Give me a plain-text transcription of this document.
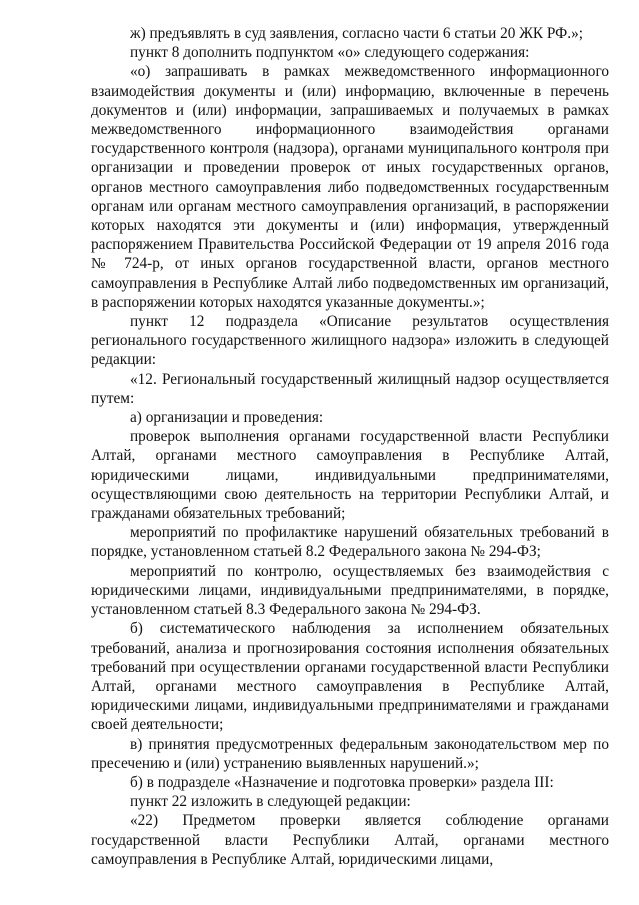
ж) предъявлять в суд заявления, согласно части 6 статьи 20 ЖК РФ.»;

пункт 8 дополнить подпунктом «о» следующего содержания:

«о) запрашивать в рамках межведомственного информационного взаимодействия документы и (или) информацию, включенные в перечень документов и (или) информации, запрашиваемых и получаемых в рамках межведомственного информационного взаимодействия органами государственного контроля (надзора), органами муниципального контроля при организации и проведении проверок от иных государственных органов, органов местного самоуправления либо подведомственных государственным органам или органам местного самоуправления организаций, в распоряжении которых находятся эти документы и (или) информация, утвержденный распоряжением Правительства Российской Федерации от 19 апреля 2016 года № 724-р, от иных органов государственной власти, органов местного самоуправления в Республике Алтай либо подведомственных им организаций, в распоряжении которых находятся указанные документы.»;

пункт 12 подраздела «Описание результатов осуществления регионального государственного жилищного надзора» изложить в следующей редакции:

«12. Региональный государственный жилищный надзор осуществляется путем:

а) организации и проведения:

проверок выполнения органами государственной власти Республики Алтай, органами местного самоуправления в Республике Алтай, юридическими лицами, индивидуальными предпринимателями, осуществляющими свою деятельность на территории Республики Алтай, и гражданами обязательных требований;

мероприятий по профилактике нарушений обязательных требований в порядке, установленном статьей 8.2 Федерального закона № 294-ФЗ;

мероприятий по контролю, осуществляемых без взаимодействия с юридическими лицами, индивидуальными предпринимателями, в порядке, установленном статьей 8.3 Федерального закона № 294-ФЗ.

б) систематического наблюдения за исполнением обязательных требований, анализа и прогнозирования состояния исполнения обязательных требований при осуществлении органами государственной власти Республики Алтай, органами местного самоуправления в Республике Алтай, юридическими лицами, индивидуальными предпринимателями и гражданами своей деятельности;

в) принятия предусмотренных федеральным законодательством мер по пресечению и (или) устранению выявленных нарушений.»;

б) в подразделе «Назначение и подготовка проверки» раздела III:

пункт 22 изложить в следующей редакции:

«22) Предметом проверки является соблюдение органами государственной власти Республики Алтай, органами местного самоуправления в Республике Алтай, юридическими лицами,
